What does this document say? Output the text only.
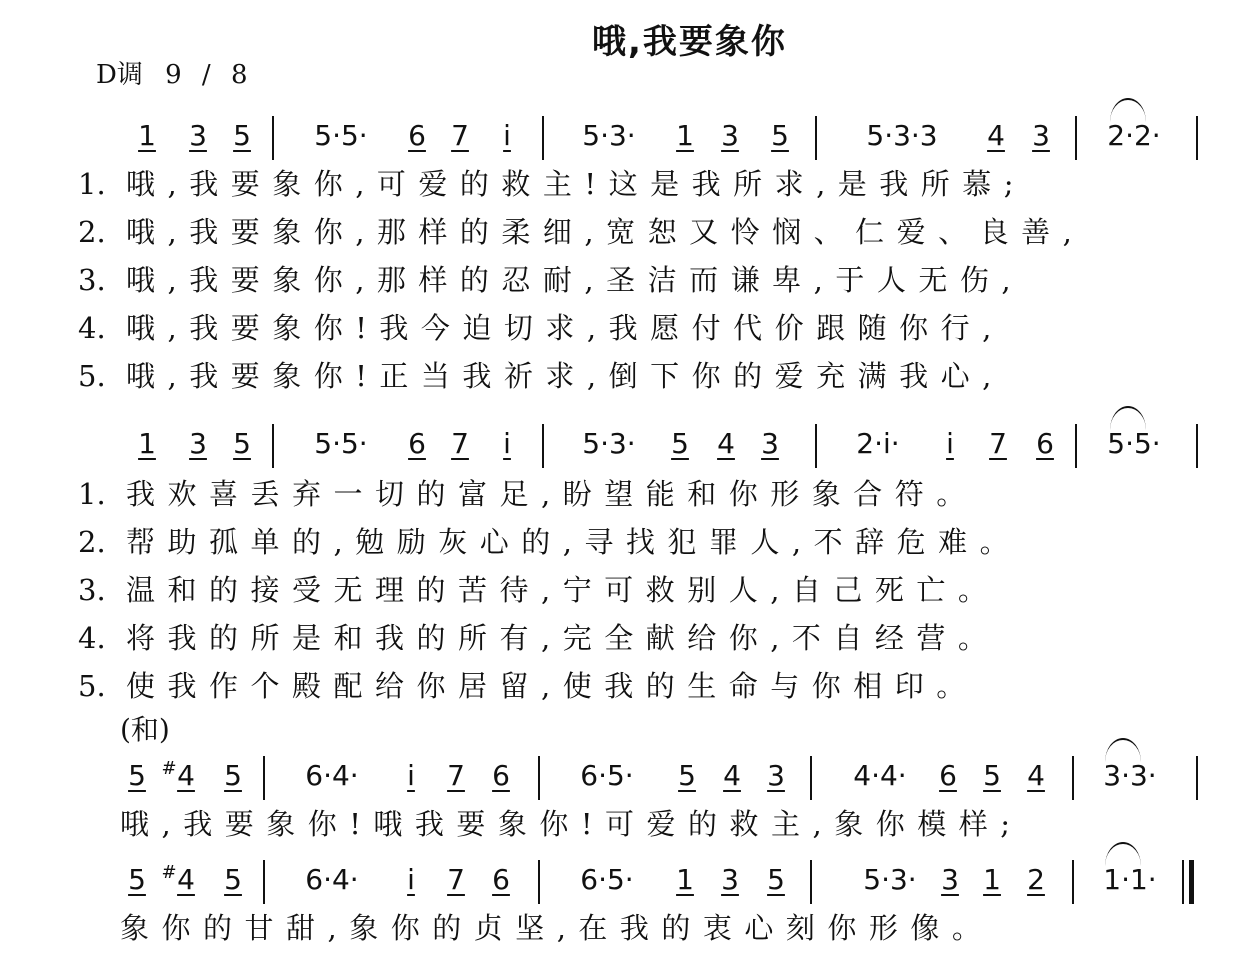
哦,我要象你
D调 9 / 8
1 3 5 5·5· 6 7 i	5·3· 1 3 5	5·3·3 4 3 2·2·
1. 哦,我要象你,可爱的救主!这是我所求,是我所慕;
2. 哦,我要象你,那样的柔细,宽恕又怜悯、仁爱、良善,
3. 哦,我要象你,那样的忍耐,圣洁而谦卑,于人无伤,
4. 哦,我要象你!我今迫切求,我愿付代价跟随你行,
5. 哦,我要象你!正当我祈求,倒下你的爱充满我心,
1 3 5 5·5· 6 7 i	5·3· 5 4 3	2·i· i 7 6 5·5·
1. 我欢喜丢弃一切的富足,盼望能和你形象合符。
2. 帮助孤单的,勉励灰心的,寻找犯罪人,不辞危难。
3. 温和的接受无理的苦待,宁可救别人,自己死亡。
4. 将我的所是和我的所有,完全献给你,不自经营。
5. 使我作个殿配给你居留,使我的生命与你相印。
(和)
5 # 4 5 6·4· i 7 6	6·5· 5 4 3 4·4· 6 5 4 3·3·
哦,我要象你!哦我要象你!可爱的救主,象你模样;
5 # 4 5 6·4· i 7 6	6·5· 1 3 5	5·3· 3 1 2 1·1·
象你的甘甜,象你的贞坚,在我的衷心刻你形像。
